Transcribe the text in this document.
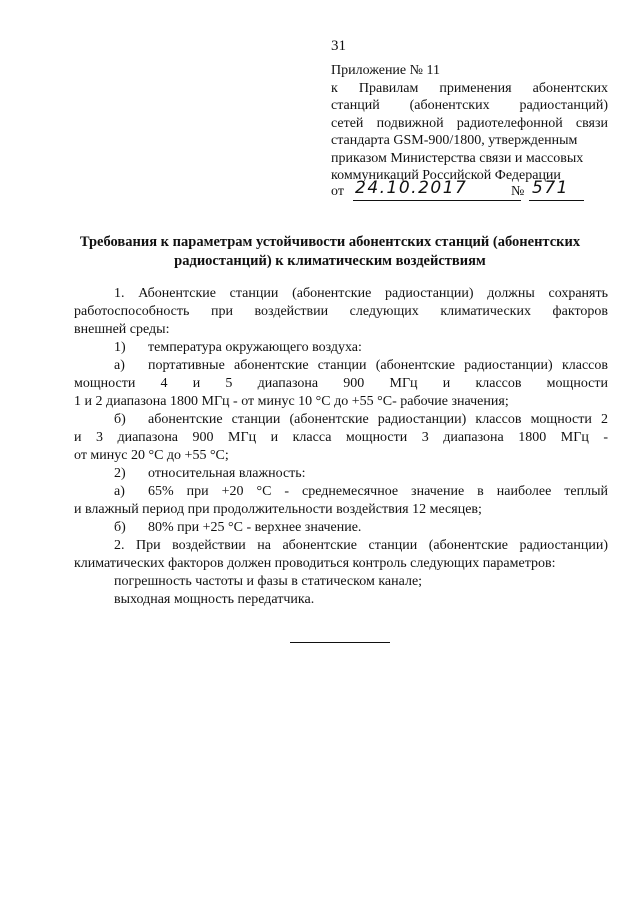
31
Приложение № 11
к Правилам применения абонентских
станций (абонентских радиостанций)
сетей подвижной радиотелефонной связи
стандарта GSM-900/1800, утвержденным
приказом Министерства связи и массовых
коммуникаций Российской Федерации
от 24.10.2017	№ 571
Требования к параметрам устойчивости абонентских станций (абонентских
радиостанций) к климатическим воздействиям

1. Абонентские станции (абонентские радиостанции) должны сохранять

работоспособность при воздействии следующих климатических факторов

внешней среды:

1)	температура окружающего воздуха:
а)	портативные абонентские станции (абонентские радиостанции) классов

мощности 4 и 5 диапазона 900 МГц и классов мощности

1 и 2 диапазона 1800 МГц - от минус 10 °С до +55 °С- рабочие значения;

б)	абонентские станции (абонентские радиостанции) классов мощности 2

и 3 диапазона 900 МГц и класса мощности 3 диапазона 1800 МГц -

от минус 20 °С до +55 °С;

2)	относительная влажность:
а)	65% при +20 °С - среднемесячное значение в наиболее теплый

и влажный период при продолжительности воздействия 12 месяцев;

б)	80% при +25 °С - верхнее значение.

2. При воздействии на абонентские станции (абонентские радиостанции)

климатических факторов должен проводиться контроль следующих параметров:

погрешность частоты и фазы в статическом канале;

выходная мощность передатчика.
